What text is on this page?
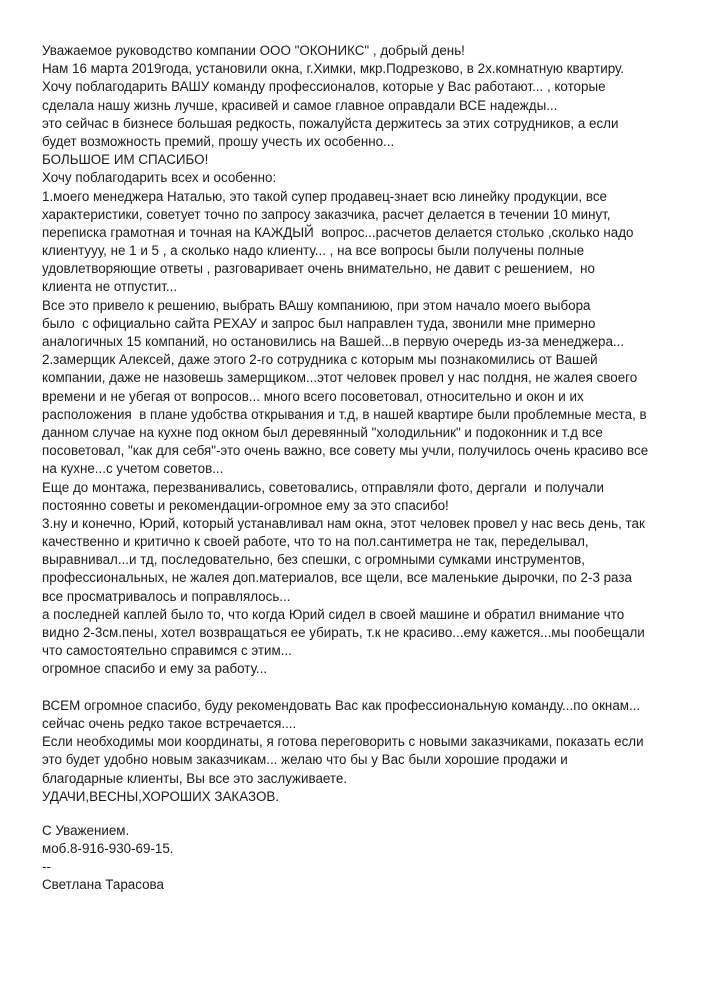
Уважаемое руководство компании ООО "ОКОНИКС" , добрый день!
Нам 16 марта 2019года, установили окна, г.Химки, мкр.Подрезково, в 2х.комнатную квартиру.
Хочу поблагодарить ВАШУ команду профессионалов, которые у Вас работают... , которые
сделала нашу жизнь лучше, красивей и самое главное оправдали ВСЕ надежды...
это сейчас в бизнесе большая редкость, пожалуйста держитесь за этих сотрудников, а если
будет возможность премий, прошу учесть их особенно...
БОЛЬШОЕ ИМ СПАСИБО!
Хочу поблагодарить всех и особенно:
1.моего менеджера Наталью, это такой супер продавец-знает всю линейку продукции, все
характеристики, советует точно по запросу заказчика, расчет делается в течении 10 минут,
переписка грамотная и точная на КАЖДЫЙ  вопрос...расчетов делается столько ,сколько надо
клиентууу, не 1 и 5 , а сколько надо клиенту... , на все вопросы были получены полные
удовлетворяющие ответы , разговаривает очень внимательно, не давит с решением,  но
клиента не отпустит...
Все это привело к решению, выбрать ВАшу компаниюю, при этом начало моего выбора
было  с официально сайта РЕХАУ и запрос был направлен туда, звонили мне примерно
аналогичных 15 компаний, но остановились на Вашей...в первую очередь из-за менеджера...
2.замерщик Алексей, даже этого 2-го сотрудника с которым мы познакомились от Вашей
компании, даже не назовешь замерщиком...этот человек провел у нас полдня, не жалея своего
времени и не убегая от вопросов... много всего посоветовал, относительно и окон и их
расположения  в плане удобства открывания и т.д, в нашей квартире были проблемные места, в
данном случае на кухне под окном был деревянный "холодильник" и подоконник и т.д все
посоветовал, "как для себя"-это очень важно, все совету мы учли, получилось очень красиво все
на кухне...с учетом советов...
Еще до монтажа, перезванивались, советовались, отправляли фото, дергали  и получали
постоянно советы и рекомендации-огромное ему за это спасибо!
3.ну и конечно, Юрий, который устанавливал нам окна, этот человек провел у нас весь день, так
качественно и критично к своей работе, что то на пол.сантиметра не так, переделывал,
выравнивал...и тд, последовательно, без спешки, с огромными сумками инструментов,
профессиональных, не жалея доп.материалов, все щели, все маленькие дырочки, по 2-3 раза
все просматривалось и поправлялось...
а последней каплей было то, что когда Юрий сидел в своей машине и обратил внимание что
видно 2-3см.пены, хотел возвращаться ее убирать, т.к не красиво...ему кажется...мы пообещали
что самостоятельно справимся с этим...
огромное спасибо и ему за работу...
ВСЕМ огромное спасибо, буду рекомендовать Вас как профессиональную команду...по окнам...
сейчас очень редко такое встречается....
Если необходимы мои координаты, я готова переговорить с новыми заказчиками, показать если
это будет удобно новым заказчикам... желаю что бы у Вас были хорошие продажи и
благодарные клиенты, Вы все это заслуживаете.
УДАЧИ,ВЕСНЫ,ХОРОШИХ ЗАКАЗОВ.
С Уважением.
моб.8-916-930-69-15.
--
Светлана Тарасова
